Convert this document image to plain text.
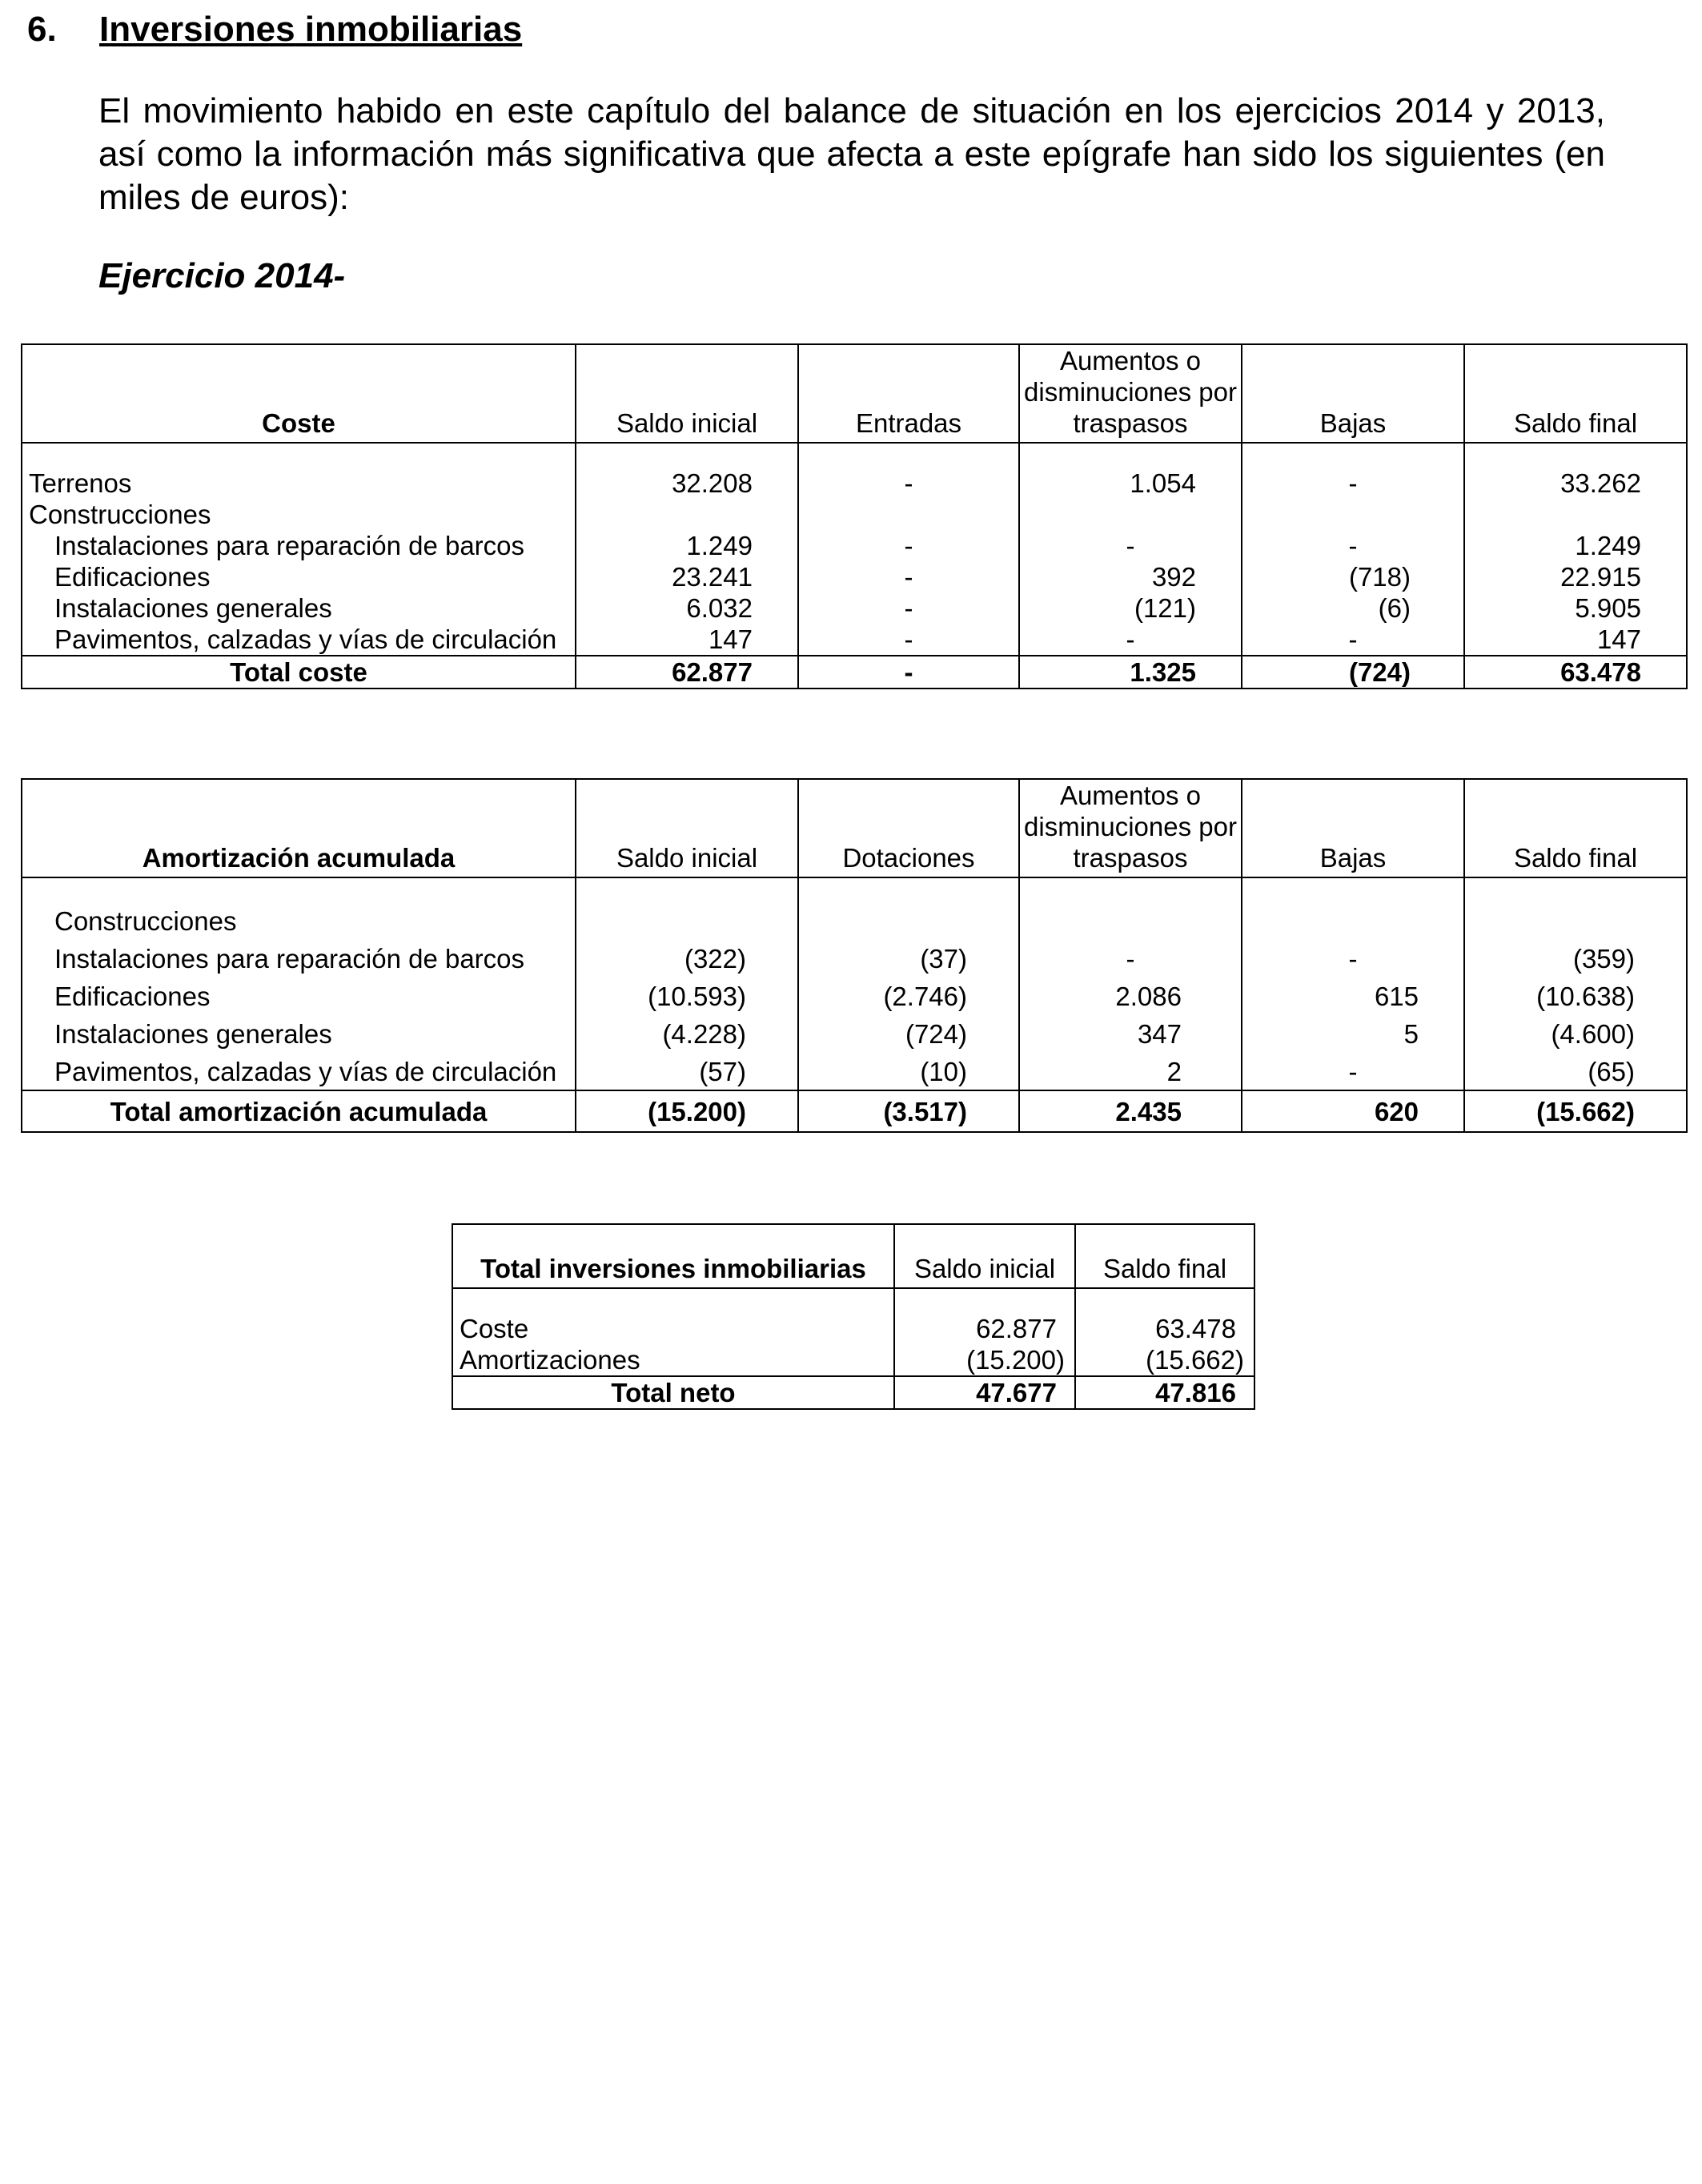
6. Inversiones inmobiliarias

El movimiento habido en este capítulo del balance de situación en los ejercicios 2014 y 2013, así como la información más significativa que afecta a este epígrafe han sido los siguientes (en miles de euros):

Ejercicio 2014-
Coste	Saldo inicial	Entradas	Aumentos o disminuciones por traspasos	Bajas	Saldo final

Terrenos	32.208	-	1.054	-	33.262
Construcciones					
Instalaciones para reparación de barcos	1.249	-	-	-	1.249
Edificaciones	23.241	-	392	(718)	22.915
Instalaciones generales	6.032	-	(121)	(6)	5.905
Pavimentos, calzadas y vías de circulación	147	-	-	-	147
Total coste	62.877	-	1.325	(724)	63.478
Amortización acumulada	Saldo inicial	Dotaciones	Aumentos o disminuciones por traspasos	Bajas	Saldo final

Construcciones					
Instalaciones para reparación de barcos	(322)	(37)	-	-	(359)
Edificaciones	(10.593)	(2.746)	2.086	615	(10.638)
Instalaciones generales	(4.228)	(724)	347	5	(4.600)
Pavimentos, calzadas y vías de circulación	(57)	(10)	2	-	(65)
Total amortización acumulada	(15.200)	(3.517)	2.435	620	(15.662)
Total inversiones inmobiliarias	Saldo inicial	Saldo final

Coste	62.877	63.478
Amortizaciones	(15.200)	(15.662)
Total neto	47.677	47.816
